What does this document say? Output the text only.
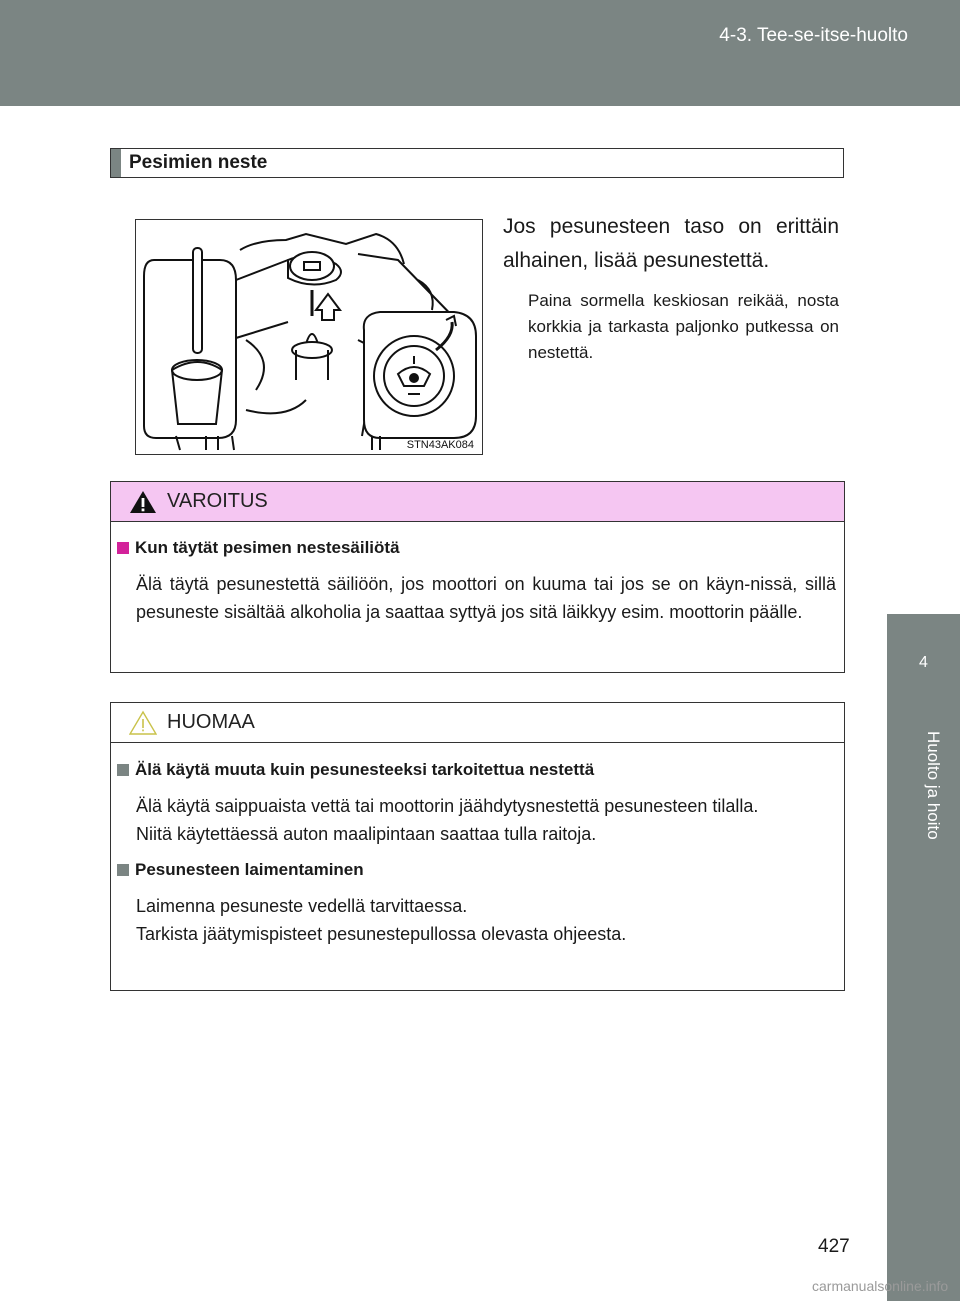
4-3. Tee-se-itse-huolto
4
Huolto ja hoito
Pesimien neste
STN43AK084
Jos pesunesteen taso on erittäin alhainen, lisää pesunestettä.
Paina sormella keskiosan reikää, nosta korkkia ja tarkasta paljonko putkessa on nestettä.
VAROITUS

Kun täytät pesimen nestesäiliötä

Älä täytä pesunestettä säiliöön, jos moottori on kuuma tai jos se on käyn-nissä, sillä pesuneste sisältää alkoholia ja saattaa syttyä jos sitä läikkyy esim. moottorin päälle.

HUOMAA

Älä käytä muuta kuin pesunesteeksi tarkoitettua nestettä

Älä käytä saippuaista vettä tai moottorin jäähdytysnestettä pesunesteen tilalla.

Niitä käytettäessä auton maalipintaan saattaa tulla raitoja.

Pesunesteen laimentaminen

Laimenna pesuneste vedellä tarvittaessa.

Tarkista jäätymispisteet pesunestepullossa olevasta ohjeesta.

427
carmanualsonline.info
